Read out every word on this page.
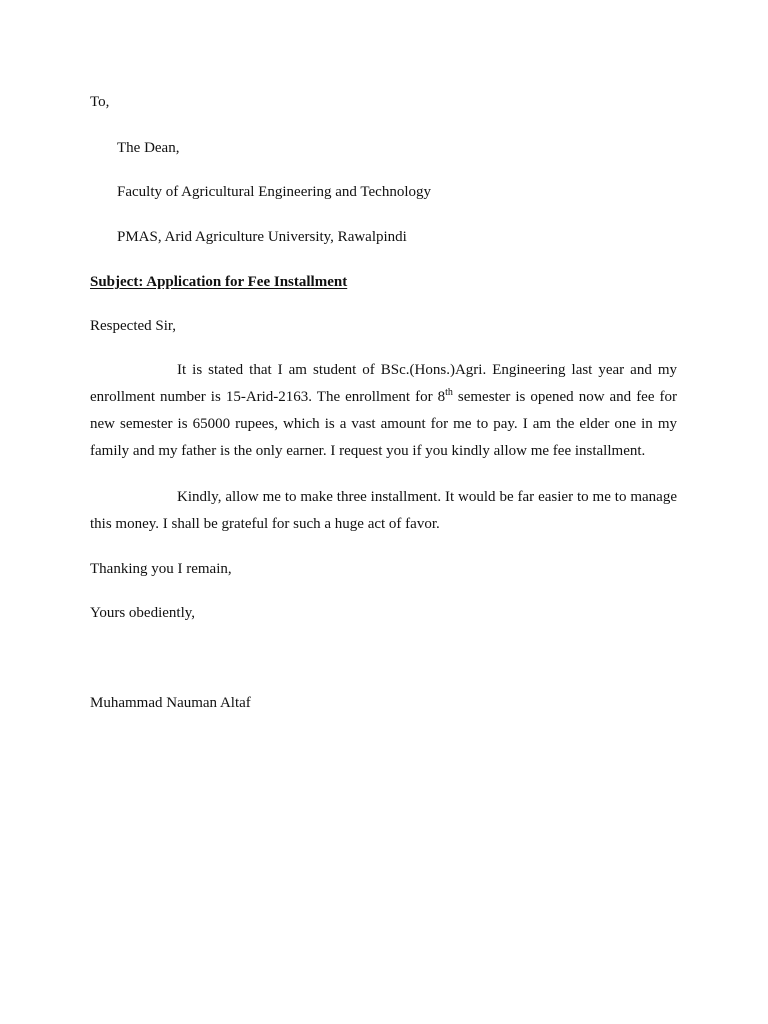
To,
The Dean,
Faculty of Agricultural Engineering and Technology
PMAS, Arid Agriculture University, Rawalpindi
Subject: Application for Fee Installment
Respected Sir,
It is stated that I am student of BSc.(Hons.)Agri. Engineering last year and my enrollment number is 15-Arid-2163. The enrollment for 8th semester is opened now and fee for new semester is 65000 rupees, which is a vast amount for me to pay. I am the elder one in my family and my father is the only earner. I request you if you kindly allow me fee installment.
Kindly, allow me to make three installment. It would be far easier to me to manage this money. I shall be grateful for such a huge act of favor.
Thanking you I remain,
Yours obediently,
Muhammad Nauman Altaf
